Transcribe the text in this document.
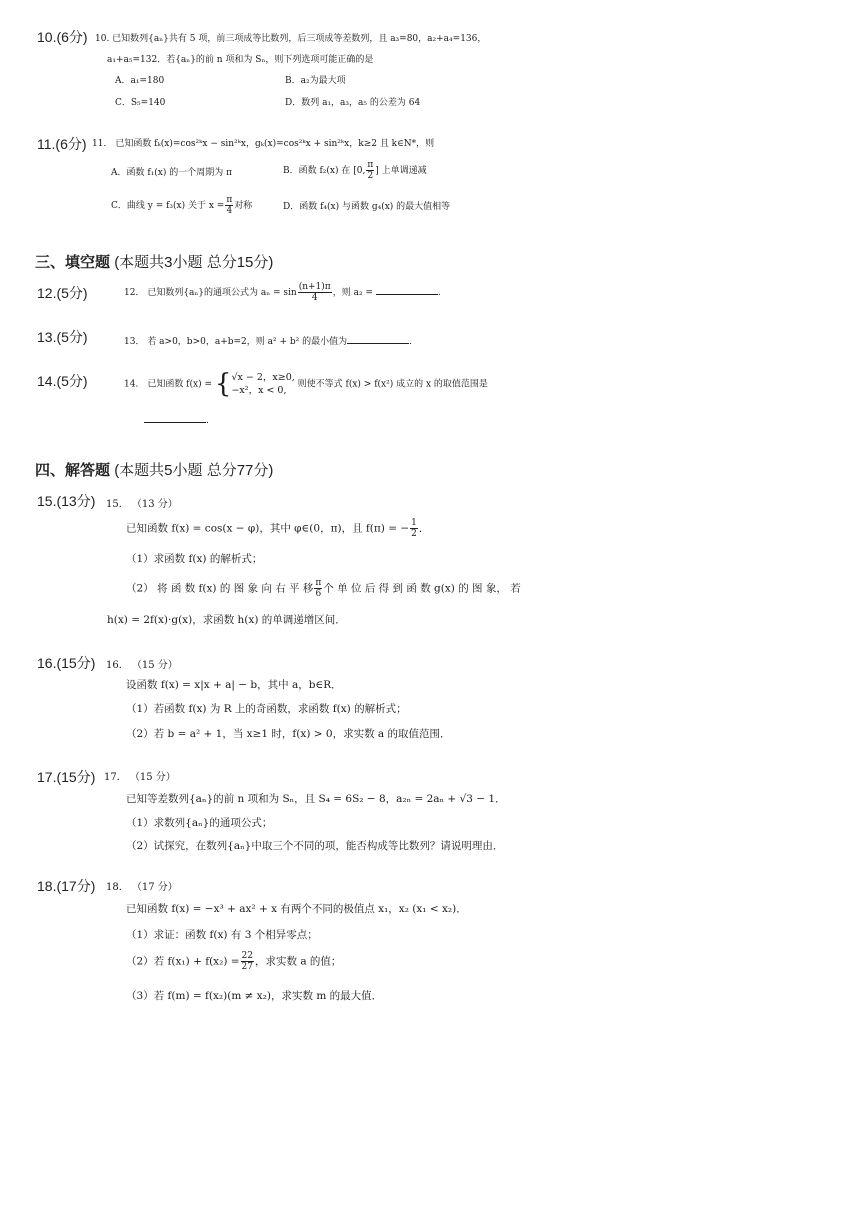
10.(6分) 10. 已知数列{aₙ}共有 5 项，前三项成等比数列，后三项成等差数列，且 a₃=80，a₂+a₄=136，
a₁+a₅=132．若{aₙ}的前 n 项和为 Sₙ，则下列选项可能正确的是
A．a₁=180	B．a₂为最大项
C．S₅=140	D．数列 a₁，a₃，a₅ 的公差为 64
11.(6分) 11． 已知函数 fₖ(x)=cos²ᵏx − sin²ᵏx，gₖ(x)=cos²ᵏx + sin²ᵏx，k≥2 且 k∈N*，则
A．函数 f₁(x) 的一个周期为 π	B．函数 f₂(x) 在 [0, $\frac{\pi}{2}$ ] 上单调递减
C．曲线 y = f₃(x) 关于 $x = \frac{\pi}{4}$ 对称	D．函数 f₄(x) 与函数 g₄(x) 的最大值相等
三、填空题 (本题共3小题 总分15分)
12.(5分)	12． 已知数列{aₙ}的通项公式为 $a_n = \sin \frac{(n+1)\pi}{4}$ ，则 a₂ =	.
13.(5分)	13． 若 a>0，b>0，a+b=2，则 a² + b² 的最小值为	.
14.(5分)	14． 已知函数 f(x) = { √x − 2，x≥0,
−x²，x < 0,
则使不等式 f(x) > f(x²) 成立的 x 的取值范围是
.
四、解答题 (本题共5小题 总分77分)
15.(13分) 15． （13 分）
已知函数 f(x) = cos(x − φ)，其中 φ∈(0，π)，且 f(π) = − $\frac{1}{2}$ ．
（1）求函数 f(x) 的解析式；
（2） 将 函 数 f(x) 的 图 象 向 右 平 移 $\frac{\pi}{6}$ 个 单 位 后 得 到 函 数 g(x) 的 图 象， 若
h(x) = 2f(x)·g(x)，求函数 h(x) 的单调递增区间．
16.(15分) 16． （15 分）
设函数 f(x) = x|x + a| − b，其中 a，b∈R．
（1）若函数 f(x) 为 R 上的奇函数，求函数 f(x) 的解析式；
（2）若 b = a² + 1，当 x≥1 时，f(x) > 0，求实数 a 的取值范围．
17.(15分) 17． （15 分）
已知等差数列{aₙ}的前 n 项和为 Sₙ，且 S₄ = 6S₂ − 8，a₂ₙ = 2aₙ + √3 − 1．
（1）求数列{aₙ}的通项公式；
（2）试探究，在数列{aₙ}中取三个不同的项，能否构成等比数列？请说明理由．
18.(17分) 18． （17 分）
已知函数 f(x) = −x³ + ax² + x 有两个不同的极值点 x₁，x₂ (x₁ < x₂)．
（1）求证：函数 f(x) 有 3 个相异零点；
（2）若 $f(x_1) + f(x_2) = \frac{22}{27}$ ，求实数 a 的值；
（3）若 f(m) = f(x₂)(m ≠ x₂)，求实数 m 的最大值．
